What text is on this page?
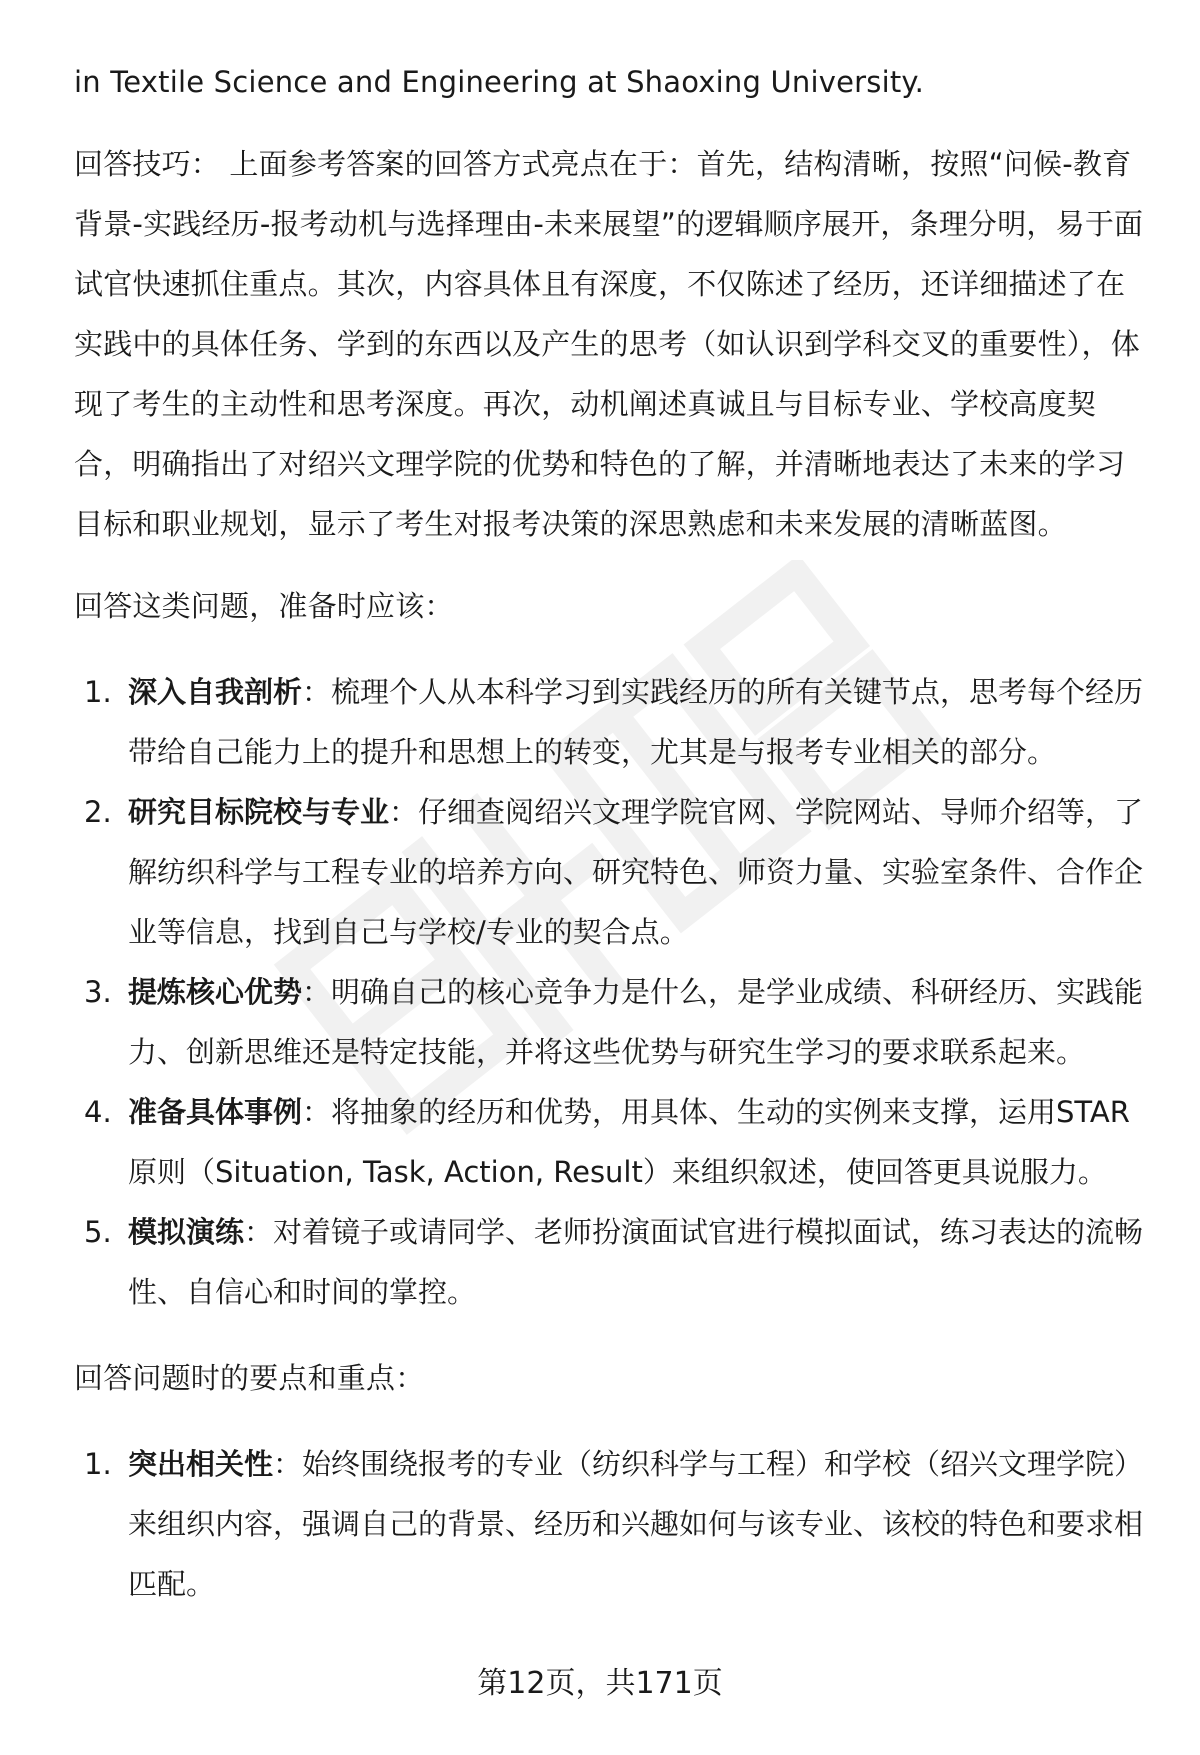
in Textile Science and Engineering at Shaoxing University.

回答技巧： 上面参考答案的回答方式亮点在于：首先，结构清晰，按照“问候-教育背景-实践经历-报考动机与选择理由-未来展望”的逻辑顺序展开，条理分明，易于面试官快速抓住重点。其次，内容具体且有深度，不仅陈述了经历，还详细描述了在实践中的具体任务、学到的东西以及产生的思考（如认识到学科交叉的重要性），体现了考生的主动性和思考深度。再次，动机阐述真诚且与目标专业、学校高度契合，明确指出了对绍兴文理学院的优势和特色的了解，并清晰地表达了未来的学习目标和职业规划，显示了考生对报考决策的深思熟虑和未来发展的清晰蓝图。

回答这类问题，准备时应该：

1. 深入自我剖析：梳理个人从本科学习到实践经历的所有关键节点，思考每个经历带给自己能力上的提升和思想上的转变，尤其是与报考专业相关的部分。
2. 研究目标院校与专业：仔细查阅绍兴文理学院官网、学院网站、导师介绍等，了解纺织科学与工程专业的培养方向、研究特色、师资力量、实验室条件、合作企业等信息，找到自己与学校/专业的契合点。
3. 提炼核心优势：明确自己的核心竞争力是什么，是学业成绩、科研经历、实践能力、创新思维还是特定技能，并将这些优势与研究生学习的要求联系起来。
4. 准备具体事例：将抽象的经历和优势，用具体、生动的实例来支撑，运用STAR原则（Situation, Task, Action, Result）来组织叙述，使回答更具说服力。
5. 模拟演练：对着镜子或请同学、老师扮演面试官进行模拟面试，练习表达的流畅性、自信心和时间的掌控。

回答问题时的要点和重点：

1. 突出相关性：始终围绕报考的专业（纺织科学与工程）和学校（绍兴文理学院）来组织内容，强调自己的背景、经历和兴趣如何与该专业、该校的特色和要求相匹配。
第12页，共171页
